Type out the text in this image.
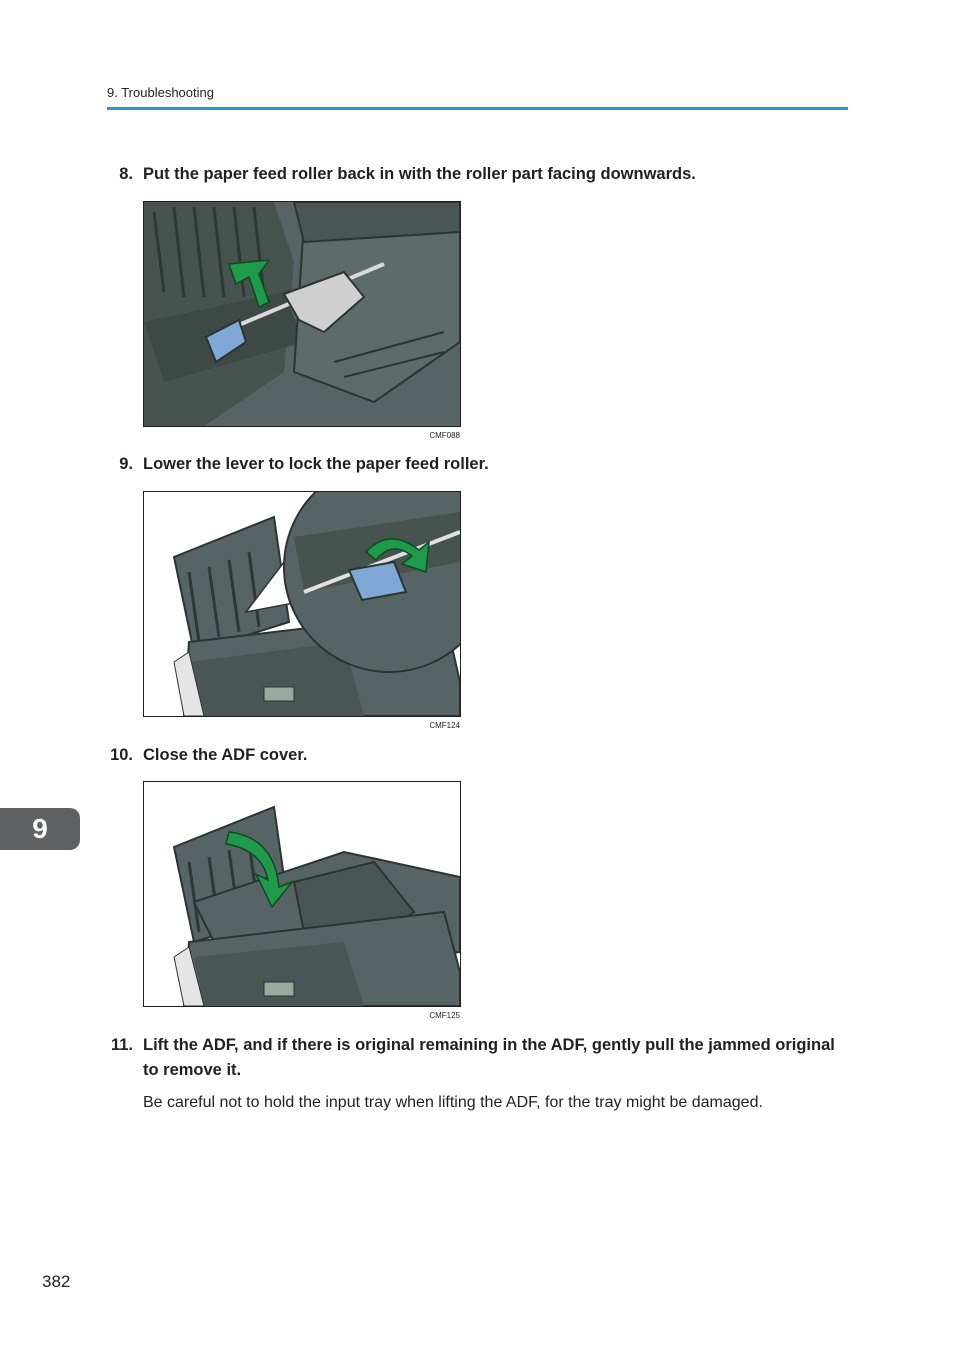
9. Troubleshooting
8. Put the paper feed roller back in with the roller part facing downwards.
CMF088
9. Lower the lever to lock the paper feed roller.
CMF124
10. Close the ADF cover.
CMF125
11. Lift the ADF, and if there is original remaining in the ADF, gently pull the jammed original to remove it.
Be careful not to hold the input tray when lifting the ADF, for the tray might be damaged.
9
382
